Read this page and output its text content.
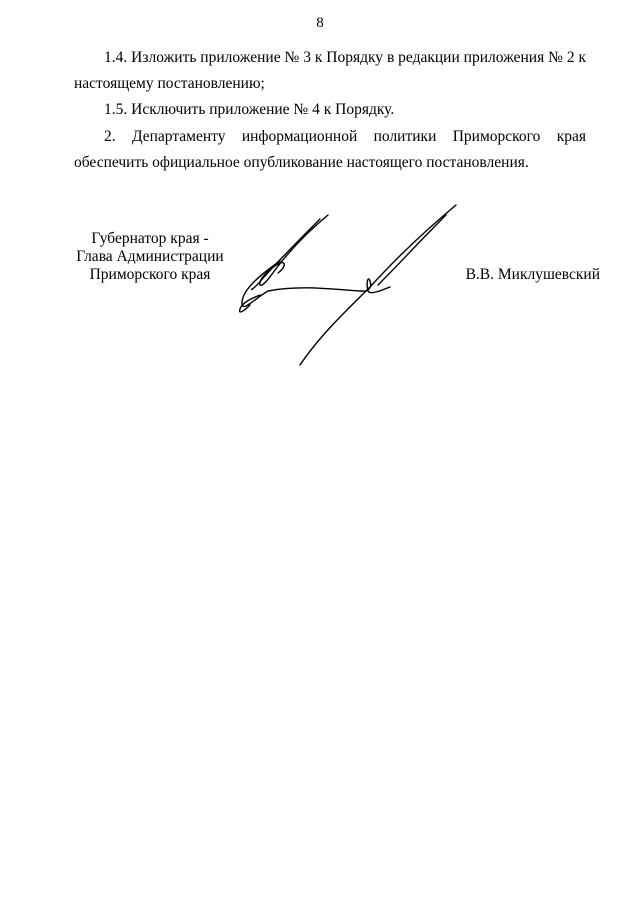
8

1.4. Изложить приложение № 3 к Порядку в редакции приложения № 2 к настоящему постановлению;

1.5. Исключить приложение № 4 к Порядку.

2. Департаменту информационной политики Приморского края обеспечить официальное опубликование настоящего постановления.

Губернатор края -
Глава Администрации
Приморского края	В.В. Миклушевский
